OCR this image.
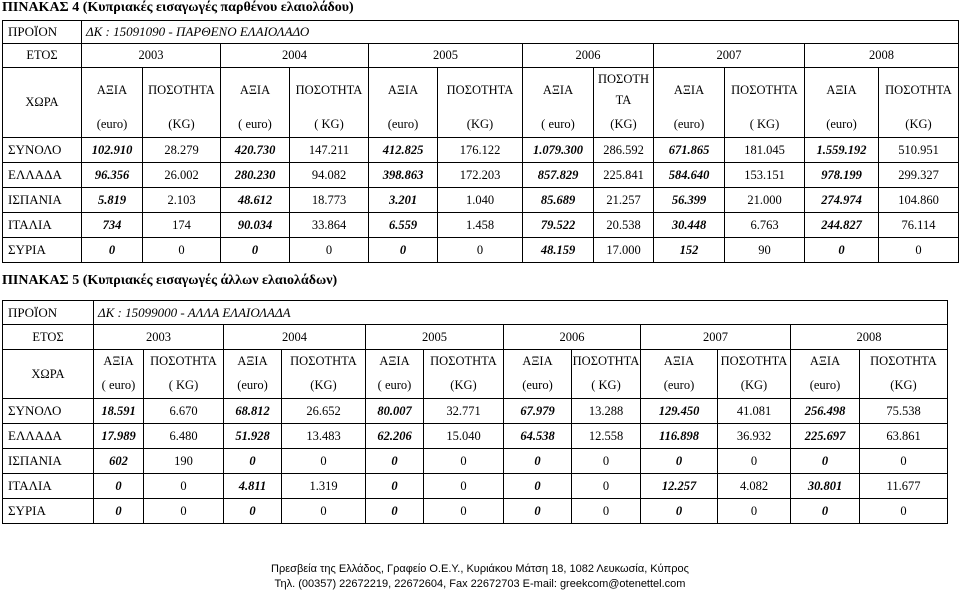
ΠΙΝΑΚΑΣ 4 (Κυπριακές εισαγωγές παρθένου ελαιολάδου)
ΠΡΟΪΟΝ	ΔΚ : 15091090 - ΠΑΡΘΕΝΟ ΕΛΑΙΟΛΑΔΟ											
ΕΤΟΣ	2003		2004		2005		2006		2007		2008	
ΧΩΡΑ	ΑΞΙΑ	ΠΟΣΟΤΗΤΑ	ΑΞΙΑ	ΠΟΣΟΤΗΤΑ	ΑΞΙΑ	ΠΟΣΟΤΗΤΑ	ΑΞΙΑ	ΠΟΣΟΤΗ ΤΑ	ΑΞΙΑ	ΠΟΣΟΤΗΤΑ	ΑΞΙΑ	ΠΟΣΟΤΗΤΑ
	(euro)	(KG)	( euro)	( KG)	(euro)	(KG)	( euro)	(KG)	(euro)	( KG)	(euro)	(KG)
ΣΥΝΟΛΟ	102.910	28.279	420.730	147.211	412.825	176.122	1.079.300	286.592	671.865	181.045	1.559.192	510.951
ΕΛΛΑΔΑ	96.356	26.002	280.230	94.082	398.863	172.203	857.829	225.841	584.640	153.151	978.199	299.327
ΙΣΠΑΝΙΑ	5.819	2.103	48.612	18.773	3.201	1.040	85.689	21.257	56.399	21.000	274.974	104.860
ΙΤΑΛΙΑ	734	174	90.034	33.864	6.559	1.458	79.522	20.538	30.448	6.763	244.827	76.114
ΣΥΡΙΑ	0	0	0	0	0	0	48.159	17.000	152	90	0	0
ΠΙΝΑΚΑΣ 5 (Κυπριακές εισαγωγές άλλων ελαιολάδων)
ΠΡΟΪΟΝ	ΔΚ : 15099000 - ΑΛΛΑ ΕΛΑΙΟΛΑΔΑ											
ΕΤΟΣ	2003		2004		2005		2006		2007		2008	
ΧΩΡΑ	ΑΞΙΑ	ΠΟΣΟΤΗΤΑ	ΑΞΙΑ	ΠΟΣΟΤΗΤΑ	ΑΞΙΑ	ΠΟΣΟΤΗΤΑ	ΑΞΙΑ	ΠΟΣΟΤΗΤΑ	ΑΞΙΑ	ΠΟΣΟΤΗΤΑ	ΑΞΙΑ	ΠΟΣΟΤΗΤΑ
	( euro)	( KG)	(euro)	(KG)	( euro)	(KG)	(euro)	( KG)	(euro)	(KG)	(euro)	(KG)
ΣΥΝΟΛΟ	18.591	6.670	68.812	26.652	80.007	32.771	67.979	13.288	129.450	41.081	256.498	75.538
ΕΛΛΑΔΑ	17.989	6.480	51.928	13.483	62.206	15.040	64.538	12.558	116.898	36.932	225.697	63.861
ΙΣΠΑΝΙΑ	602	190	0	0	0	0	0	0	0	0	0	0
ΙΤΑΛΙΑ	0	0	4.811	1.319	0	0	0	0	12.257	4.082	30.801	11.677
ΣΥΡΙΑ	0	0	0	0	0	0	0	0	0	0	0	0
Πρεσβεία της Ελλάδος, Γραφείο Ο.Ε.Υ., Κυριάκου Μάτση 18, 1082 Λευκωσία, Κύπρος
Τηλ. (00357) 22672219, 22672604, Fax 22672703 E-mail: greekcom@otenettel.com
